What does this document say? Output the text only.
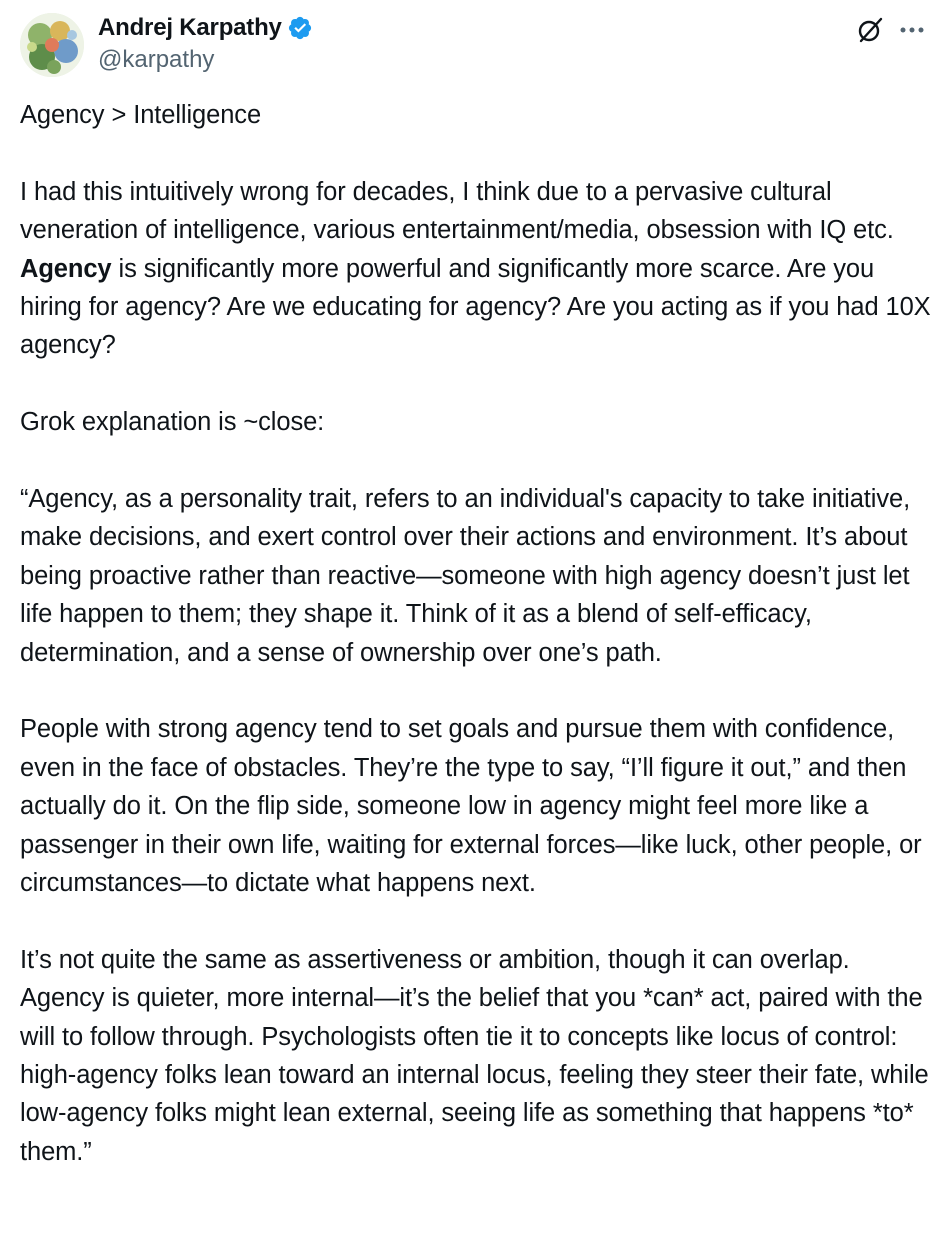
Andrej Karpathy
@karpathy

Agency > Intelligence

I had this intuitively wrong for decades, I think due to a pervasive cultural veneration of intelligence, various entertainment/media, obsession with IQ etc. Agency is significantly more powerful and significantly more scarce. Are you hiring for agency? Are we educating for agency? Are you acting as if you had 10X agency?

Grok explanation is ~close:

“Agency, as a personality trait, refers to an individual's capacity to take initiative, make decisions, and exert control over their actions and environment. It’s about being proactive rather than reactive—someone with high agency doesn’t just let life happen to them; they shape it. Think of it as a blend of self-efficacy, determination, and a sense of ownership over one’s path.

People with strong agency tend to set goals and pursue them with confidence, even in the face of obstacles. They’re the type to say, “I’ll figure it out,” and then actually do it. On the flip side, someone low in agency might feel more like a passenger in their own life, waiting for external forces—like luck, other people, or circumstances—to dictate what happens next.

It’s not quite the same as assertiveness or ambition, though it can overlap. Agency is quieter, more internal—it’s the belief that you *can* act, paired with the will to follow through. Psychologists often tie it to concepts like locus of control: high-agency folks lean toward an internal locus, feeling they steer their fate, while low-agency folks might lean external, seeing life as something that happens *to* them.”
